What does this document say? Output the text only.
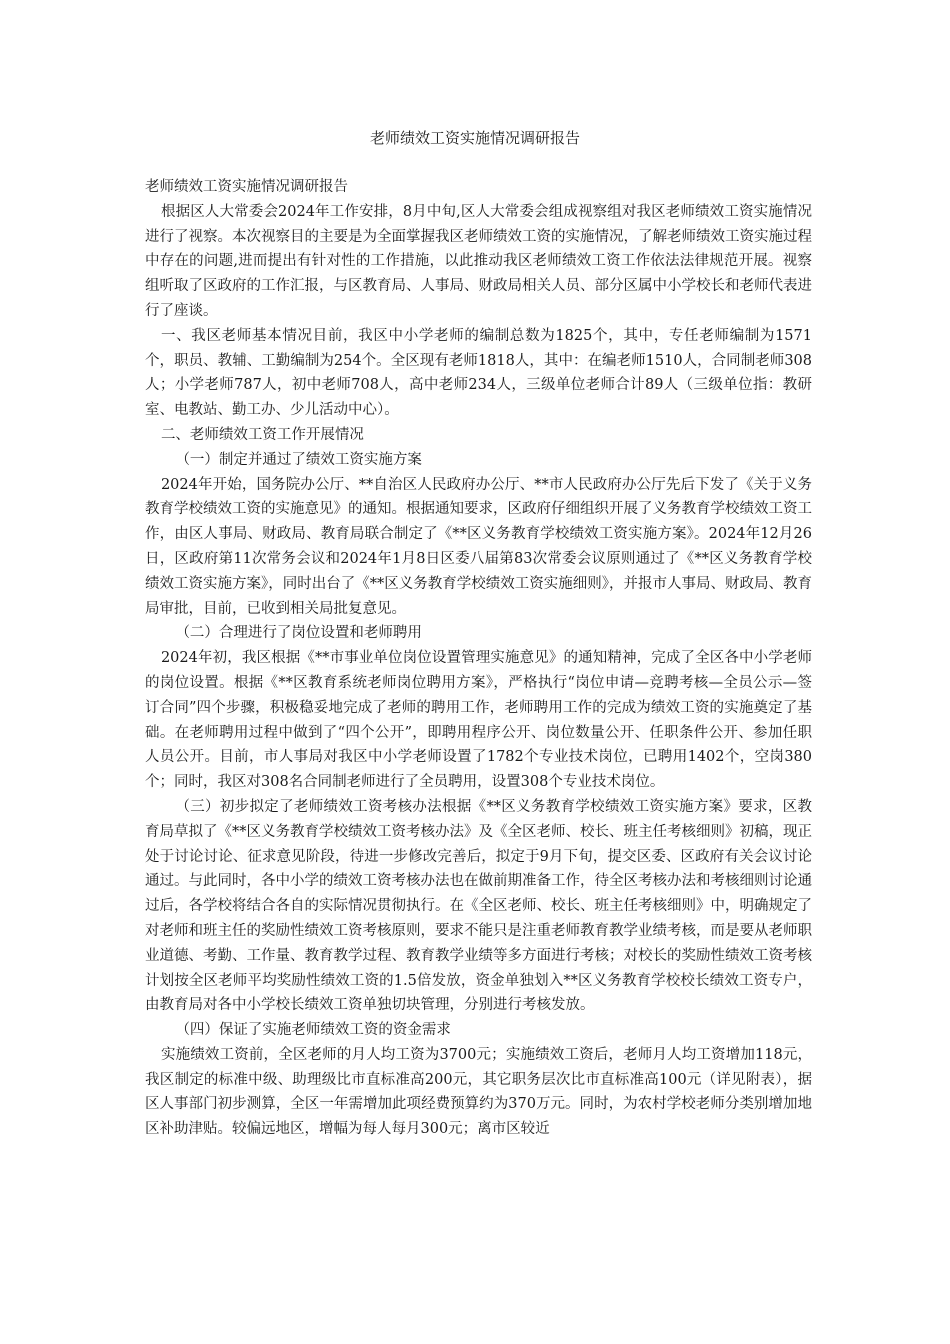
老师绩效工资实施情况调研报告

老师绩效工资实施情况调研报告

根据区人大常委会2024年工作安排，8月中旬,区人大常委会组成视察组对我区老师绩效工资实施情况进行了视察。本次视察目的主要是为全面掌握我区老师绩效工资的实施情况，了解老师绩效工资实施过程中存在的问题,进而提出有针对性的工作措施，以此推动我区老师绩效工资工作依法法律规范开展。视察组听取了区政府的工作汇报，与区教育局、人事局、财政局相关人员、部分区属中小学校长和老师代表进行了座谈。

一、我区老师基本情况目前，我区中小学老师的编制总数为1825个，其中，专任老师编制为1571个，职员、教辅、工勤编制为254个。全区现有老师1818人，其中：在编老师1510人，合同制老师308人；小学老师787人，初中老师708人，高中老师234人，三级单位老师合计89人（三级单位指：教研室、电教站、勤工办、少儿活动中心）。

二、老师绩效工资工作开展情况

（一）制定并通过了绩效工资实施方案

2024年开始，国务院办公厅、**自治区人民政府办公厅、**市人民政府办公厅先后下发了《关于义务教育学校绩效工资的实施意见》的通知。根据通知要求，区政府仔细组织开展了义务教育学校绩效工资工作，由区人事局、财政局、教育局联合制定了《**区义务教育学校绩效工资实施方案》。2024年12月26日，区政府第11次常务会议和2024年1月8日区委八届第83次常委会议原则通过了《**区义务教育学校绩效工资实施方案》，同时出台了《**区义务教育学校绩效工资实施细则》，并报市人事局、财政局、教育局审批，目前，已收到相关局批复意见。

（二）合理进行了岗位设置和老师聘用

2024年初，我区根据《**市事业单位岗位设置管理实施意见》的通知精神，完成了全区各中小学老师的岗位设置。根据《**区教育系统老师岗位聘用方案》，严格执行“岗位申请—竞聘考核—全员公示—签订合同”四个步骤，积极稳妥地完成了老师的聘用工作，老师聘用工作的完成为绩效工资的实施奠定了基础。在老师聘用过程中做到了“四个公开”，即聘用程序公开、岗位数量公开、任职条件公开、参加任职人员公开。目前，市人事局对我区中小学老师设置了1782个专业技术岗位，已聘用1402个，空岗380个；同时，我区对308名合同制老师进行了全员聘用，设置308个专业技术岗位。

（三）初步拟定了老师绩效工资考核办法根据《**区义务教育学校绩效工资实施方案》要求，区教育局草拟了《**区义务教育学校绩效工资考核办法》及《全区老师、校长、班主任考核细则》初稿，现正处于讨论讨论、征求意见阶段，待进一步修改完善后，拟定于9月下旬，提交区委、区政府有关会议讨论通过。与此同时，各中小学的绩效工资考核办法也在做前期准备工作，待全区考核办法和考核细则讨论通过后，各学校将结合各自的实际情况贯彻执行。在《全区老师、校长、班主任考核细则》中，明确规定了对老师和班主任的奖励性绩效工资考核原则，要求不能只是注重老师教育教学业绩考核，而是要从老师职业道德、考勤、工作量、教育教学过程、教育教学业绩等多方面进行考核；对校长的奖励性绩效工资考核计划按全区老师平均奖励性绩效工资的1.5倍发放，资金单独划入**区义务教育学校校长绩效工资专户，由教育局对各中小学校长绩效工资单独切块管理，分别进行考核发放。

（四）保证了实施老师绩效工资的资金需求

实施绩效工资前，全区老师的月人均工资为3700元；实施绩效工资后，老师月人均工资增加118元，我区制定的标准中级、助理级比市直标准高200元，其它职务层次比市直标准高100元（详见附表），据区人事部门初步测算，全区一年需增加此项经费预算约为370万元。同时，为农村学校老师分类别增加地区补助津贴。较偏远地区，增幅为每人每月300元；离市区较近
